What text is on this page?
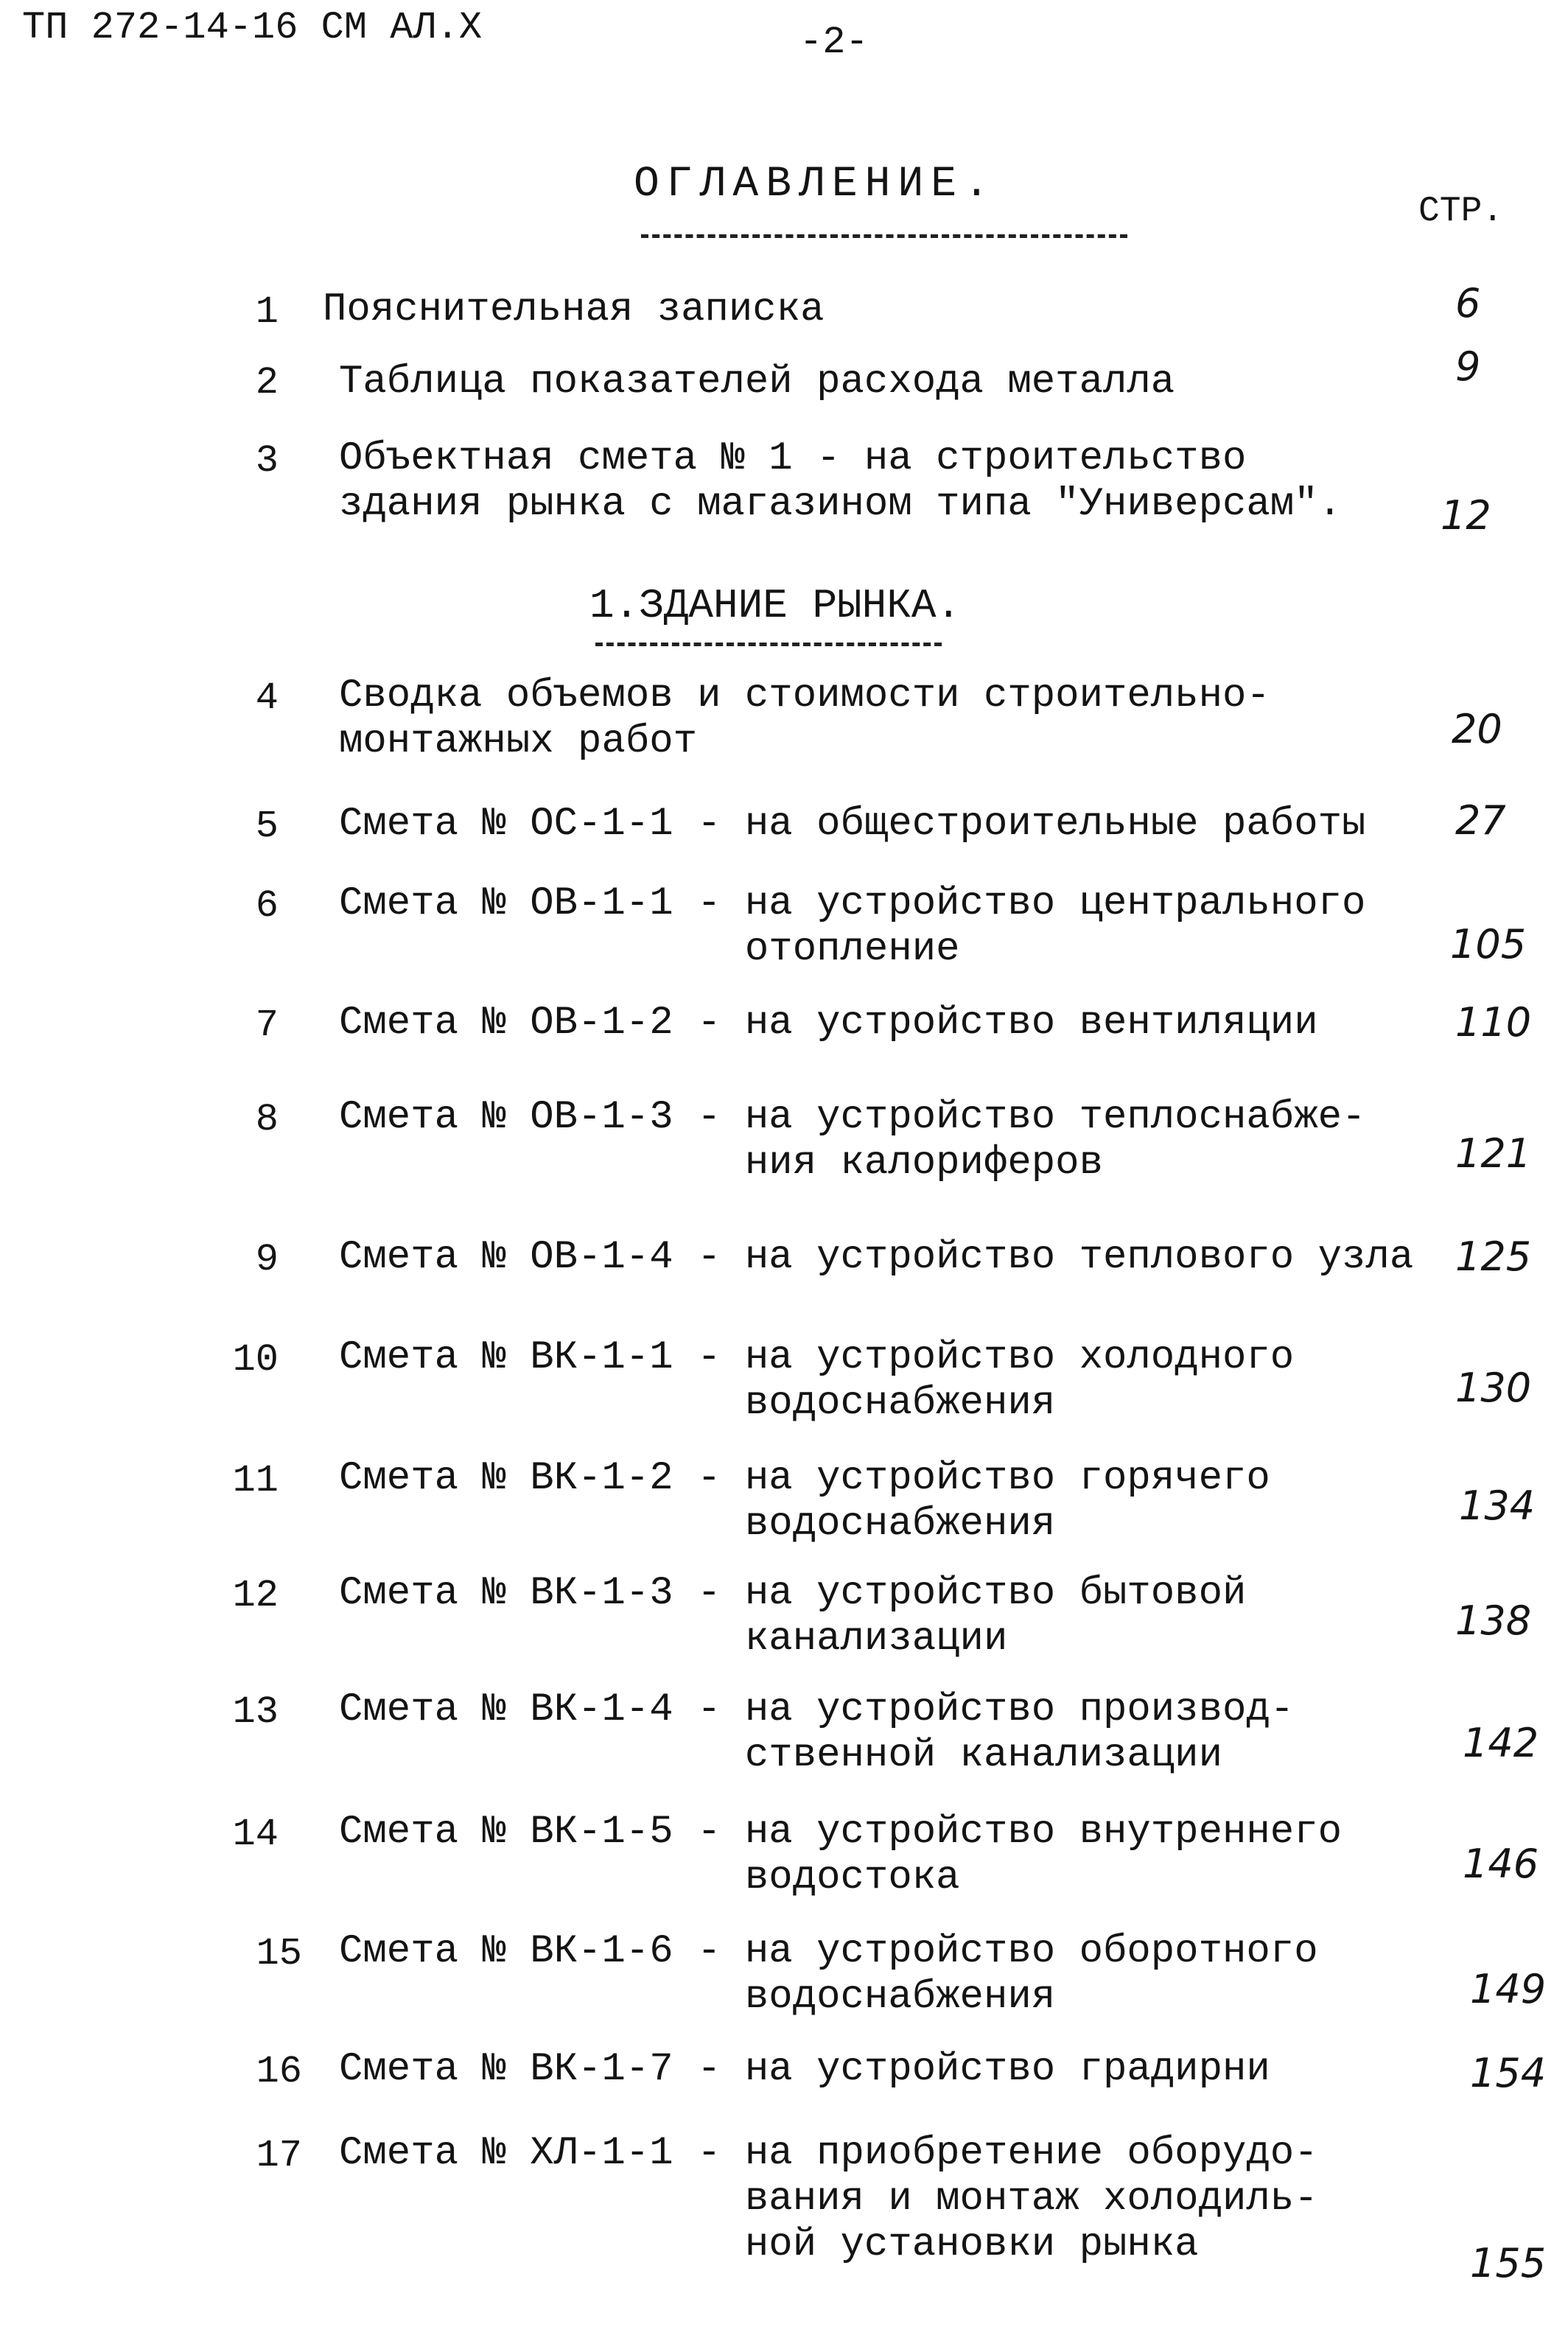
ТП 272-14-16 СМ АЛ.Х	-2-
ОГЛАВЛЕНИЕ.
СТР.
1 Пояснительная записка	6
2 Таблица показателей расхода металла	9
3 Объектная смета № 1 - на строительство
здания рынка с магазином типа "Универсам". 12
1.ЗДАНИЕ РЫНКА.
4 Сводка объемов и стоимости строительно-
монтажных работ	20
5 Смета № ОС-1-1 - на общестроительные работы 27
6 Смета № ОВ-1-1 - на устройство центрального
отопление	105
7 Смета № ОВ-1-2 - на устройство вентиляции	110
8 Смета № ОВ-1-3 - на устройство теплоснабже-
ния калориферов	121
9 Смета № ОВ-1-4 - на устройство теплового узла 125
10 Смета № ВК-1-1 - на устройство холодного
водоснабжения	130
11 Смета № ВК-1-2 - на устройство горячего
водоснабжения	134
12 Смета № ВК-1-3 - на устройство бытовой
канализации	138
13 Смета № ВК-1-4 - на устройство производ-
ственной канализации	142
14 Смета № ВК-1-5 - на устройство внутреннего
водостока	146
15 Смета № ВК-1-6 - на устройство оборотного
водоснабжения	149
16 Смета № ВК-1-7 - на устройство градирни	154
17 Смета № ХЛ-1-1 - на приобретение оборудо-
вания и монтаж холодиль-
ной установки рынка	155
